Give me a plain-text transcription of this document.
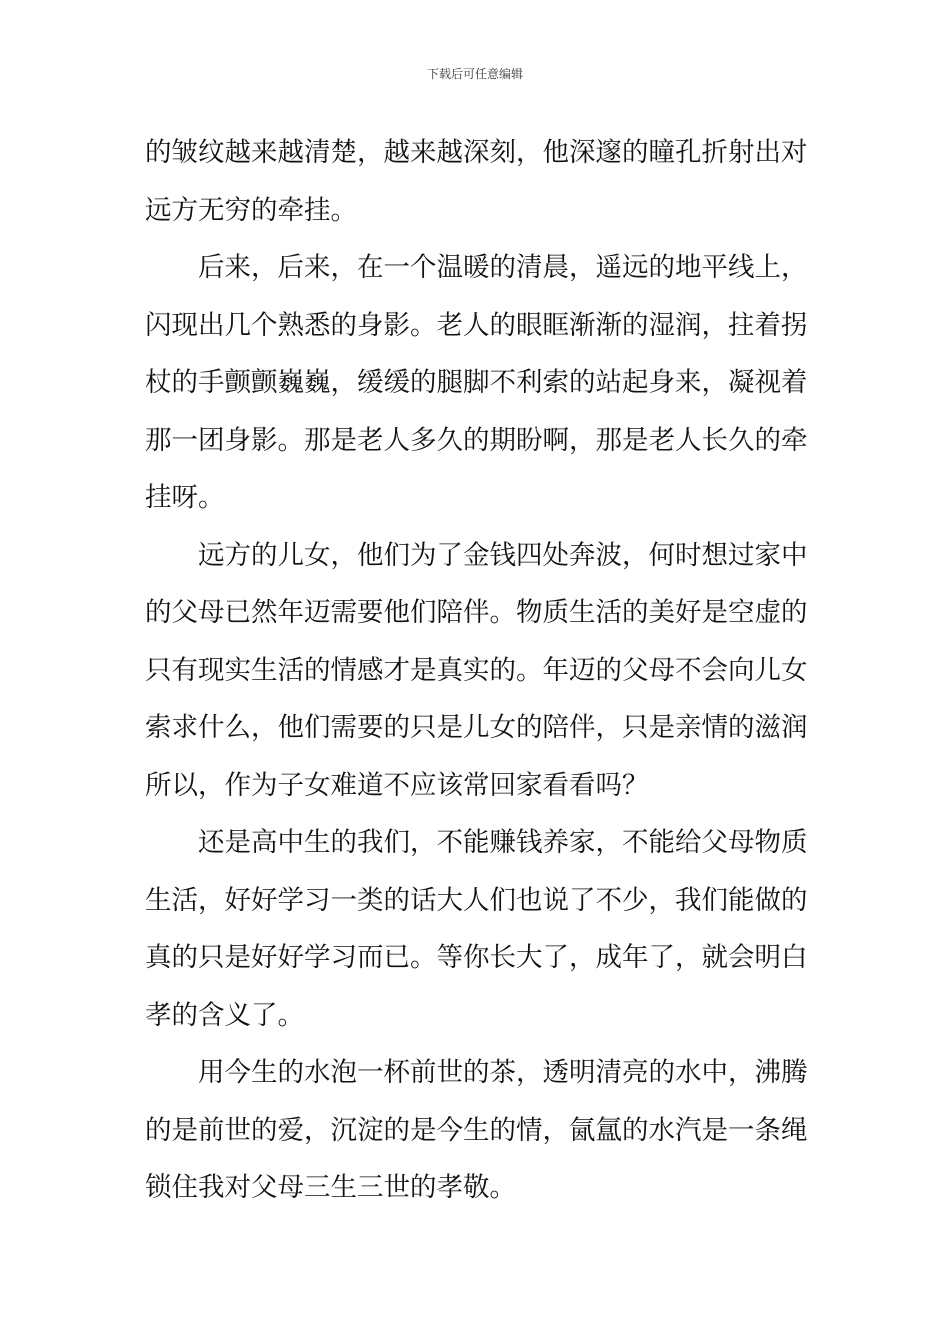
下载后可任意编辑
的皱纹越来越清楚，越来越深刻，他深邃的瞳孔折射出对
远方无穷的牵挂。
后来，后来，在一个温暖的清晨，遥远的地平线上，
闪现出几个熟悉的身影。老人的眼眶渐渐的湿润，拄着拐
杖的手颤颤巍巍，缓缓的腿脚不利索的站起身来，凝视着
那一团身影。那是老人多久的期盼啊，那是老人长久的牵
挂呀。
远方的儿女，他们为了金钱四处奔波，何时想过家中
的父母已然年迈需要他们陪伴。物质生活的美好是空虚的
只有现实生活的情感才是真实的。年迈的父母不会向儿女
索求什么，他们需要的只是儿女的陪伴，只是亲情的滋润
所以，作为子女难道不应该常回家看看吗？
还是高中生的我们，不能赚钱养家，不能给父母物质
生活，好好学习一类的话大人们也说了不少，我们能做的
真的只是好好学习而已。等你长大了，成年了，就会明白
孝的含义了。
用今生的水泡一杯前世的茶，透明清亮的水中，沸腾
的是前世的爱，沉淀的是今生的情，氤氲的水汽是一条绳
锁住我对父母三生三世的孝敬。
